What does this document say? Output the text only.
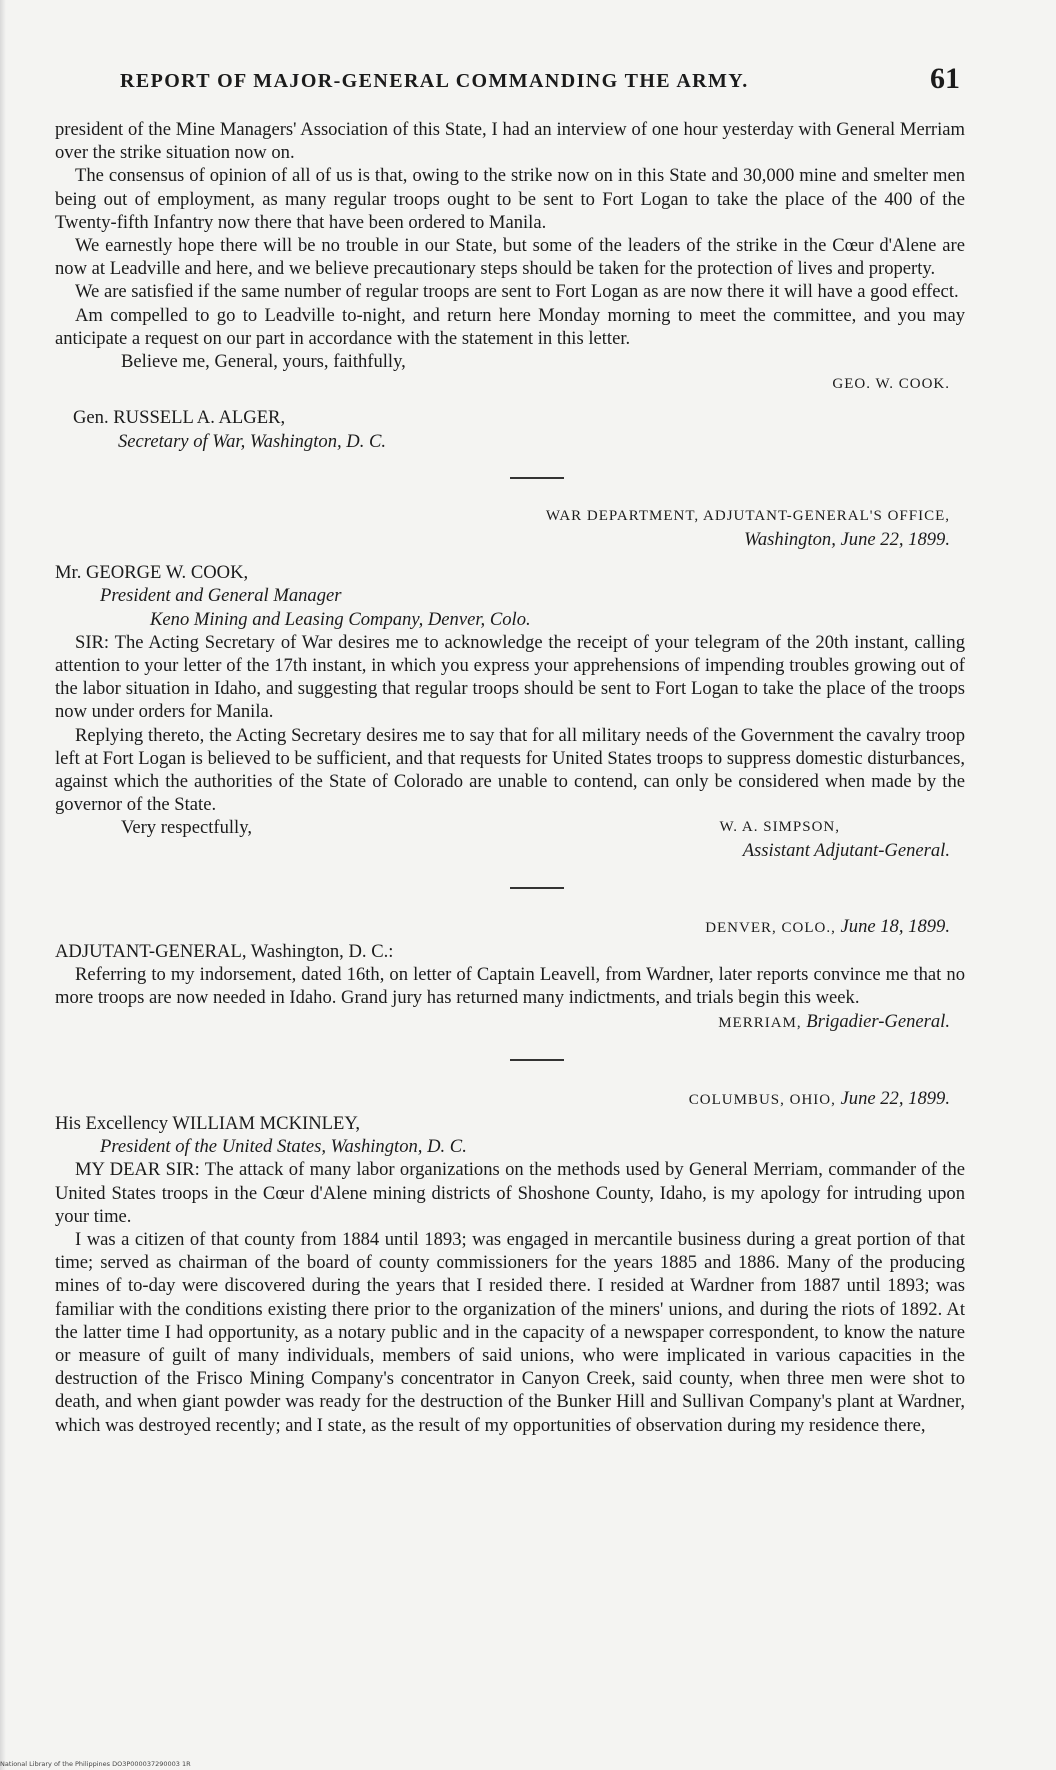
REPORT OF MAJOR-GENERAL COMMANDING THE ARMY.	61

president of the Mine Managers' Association of this State, I had an interview of one hour yesterday with General Merriam over the strike situation now on.

The consensus of opinion of all of us is that, owing to the strike now on in this State and 30,000 mine and smelter men being out of employment, as many regular troops ought to be sent to Fort Logan to take the place of the 400 of the Twenty-fifth Infantry now there that have been ordered to Manila.

We earnestly hope there will be no trouble in our State, but some of the leaders of the strike in the Cœur d'Alene are now at Leadville and here, and we believe precautionary steps should be taken for the protection of lives and property.

We are satisfied if the same number of regular troops are sent to Fort Logan as are now there it will have a good effect.

Am compelled to go to Leadville to-night, and return here Monday morning to meet the committee, and you may anticipate a request on our part in accordance with the statement in this letter.

Believe me, General, yours, faithfully,
GEO. W. COOK.
Gen. RUSSELL A. ALGER,
Secretary of War, Washington, D. C.
WAR DEPARTMENT, ADJUTANT-GENERAL'S OFFICE,
Washington, June 22, 1899.
Mr. GEORGE W. COOK,
President and General Manager
Keno Mining and Leasing Company, Denver, Colo.

SIR: The Acting Secretary of War desires me to acknowledge the receipt of your telegram of the 20th instant, calling attention to your letter of the 17th instant, in which you express your apprehensions of impending troubles growing out of the labor situation in Idaho, and suggesting that regular troops should be sent to Fort Logan to take the place of the troops now under orders for Manila.

Replying thereto, the Acting Secretary desires me to say that for all military needs of the Government the cavalry troop left at Fort Logan is believed to be sufficient, and that requests for United States troops to suppress domestic disturbances, against which the authorities of the State of Colorado are unable to contend, can only be considered when made by the governor of the State.

Very respectfully,	W. A. SIMPSON,
Assistant Adjutant-General.
DENVER, COLO., June 18, 1899.
ADJUTANT-GENERAL, Washington, D. C.:

Referring to my indorsement, dated 16th, on letter of Captain Leavell, from Wardner, later reports convince me that no more troops are now needed in Idaho. Grand jury has returned many indictments, and trials begin this week.

MERRIAM, Brigadier-General.
COLUMBUS, OHIO, June 22, 1899.
His Excellency WILLIAM MCKINLEY,
President of the United States, Washington, D. C.

MY DEAR SIR: The attack of many labor organizations on the methods used by General Merriam, commander of the United States troops in the Cœur d'Alene mining districts of Shoshone County, Idaho, is my apology for intruding upon your time.

I was a citizen of that county from 1884 until 1893; was engaged in mercantile business during a great portion of that time; served as chairman of the board of county commissioners for the years 1885 and 1886. Many of the producing mines of to-day were discovered during the years that I resided there. I resided at Wardner from 1887 until 1893; was familiar with the conditions existing there prior to the organization of the miners' unions, and during the riots of 1892. At the latter time I had opportunity, as a notary public and in the capacity of a newspaper correspondent, to know the nature or measure of guilt of many individuals, members of said unions, who were implicated in various capacities in the destruction of the Frisco Mining Company's concentrator in Canyon Creek, said county, when three men were shot to death, and when giant powder was ready for the destruction of the Bunker Hill and Sullivan Company's plant at Wardner, which was destroyed recently; and I state, as the result of my opportunities of observation during my residence there,

National Library of the Philippines DO3P000037290003 1R
